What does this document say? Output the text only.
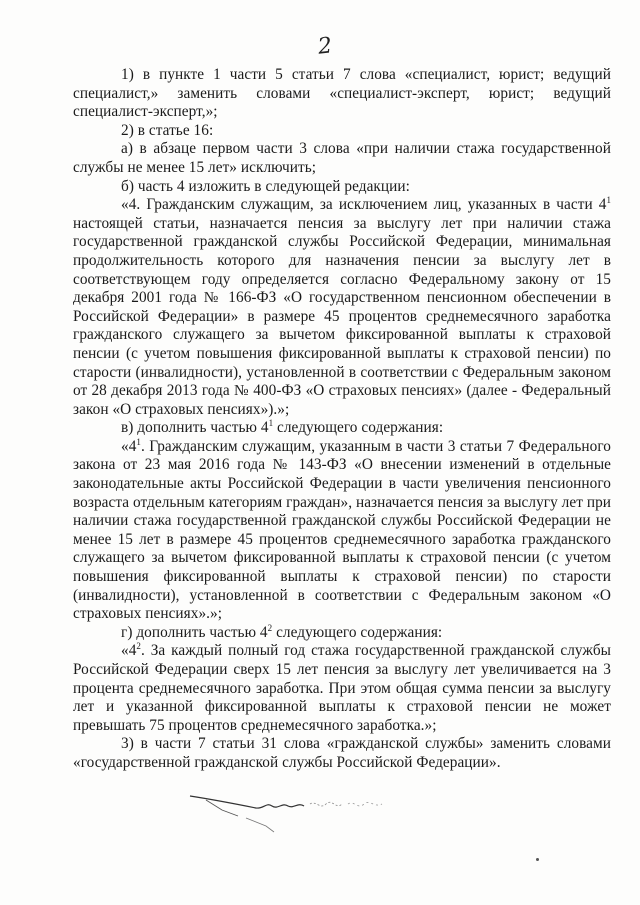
2

1) в пункте 1 части 5 статьи 7 слова «специалист, юрист; ведущий специалист,» заменить словами «специалист-эксперт, юрист; ведущий специалист-эксперт,»;

2) в статье 16:

а) в абзаце первом части 3 слова «при наличии стажа государственной службы не менее 15 лет» исключить;

б) часть 4 изложить в следующей редакции:

«4. Гражданским служащим, за исключением лиц, указанных в части $4^1$ настоящей статьи, назначается пенсия за выслугу лет при наличии стажа государственной гражданской службы Российской Федерации, минимальная продолжительность которого для назначения пенсии за выслугу лет в соответствующем году определяется согласно Федеральному закону от 15 декабря 2001 года № 166-ФЗ «О государственном пенсионном обеспечении в Российской Федерации» в размере 45 процентов среднемесячного заработка гражданского служащего за вычетом фиксированной выплаты к страховой пенсии (с учетом повышения фиксированной выплаты к страховой пенсии) по старости (инвалидности), установленной в соответствии с Федеральным законом от 28 декабря 2013 года № 400-ФЗ «О страховых пенсиях» (далее - Федеральный закон «О страховых пенсиях»).»;

в) дополнить частью $4^1$ следующего содержания:

«$4^1$. Гражданским служащим, указанным в части 3 статьи 7 Федерального закона от 23 мая 2016 года № 143-ФЗ «О внесении изменений в отдельные законодательные акты Российской Федерации в части увеличения пенсионного возраста отдельным категориям граждан», назначается пенсия за выслугу лет при наличии стажа государственной гражданской службы Российской Федерации не менее 15 лет в размере 45 процентов среднемесячного заработка гражданского служащего за вычетом фиксированной выплаты к страховой пенсии (с учетом повышения фиксированной выплаты к страховой пенсии) по старости (инвалидности), установленной в соответствии с Федеральным законом «О страховых пенсиях».»;

г) дополнить частью $4^2$ следующего содержания:

«$4^2$. За каждый полный год стажа государственной гражданской службы Российской Федерации сверх 15 лет пенсия за выслугу лет увеличивается на 3 процента среднемесячного заработка. При этом общая сумма пенсии за выслугу лет и указанной фиксированной выплаты к страховой пенсии не может превышать 75 процентов среднемесячного заработка.»;

3) в части 7 статьи 31 слова «гражданской службы» заменить словами «государственной гражданской службы Российской Федерации».
